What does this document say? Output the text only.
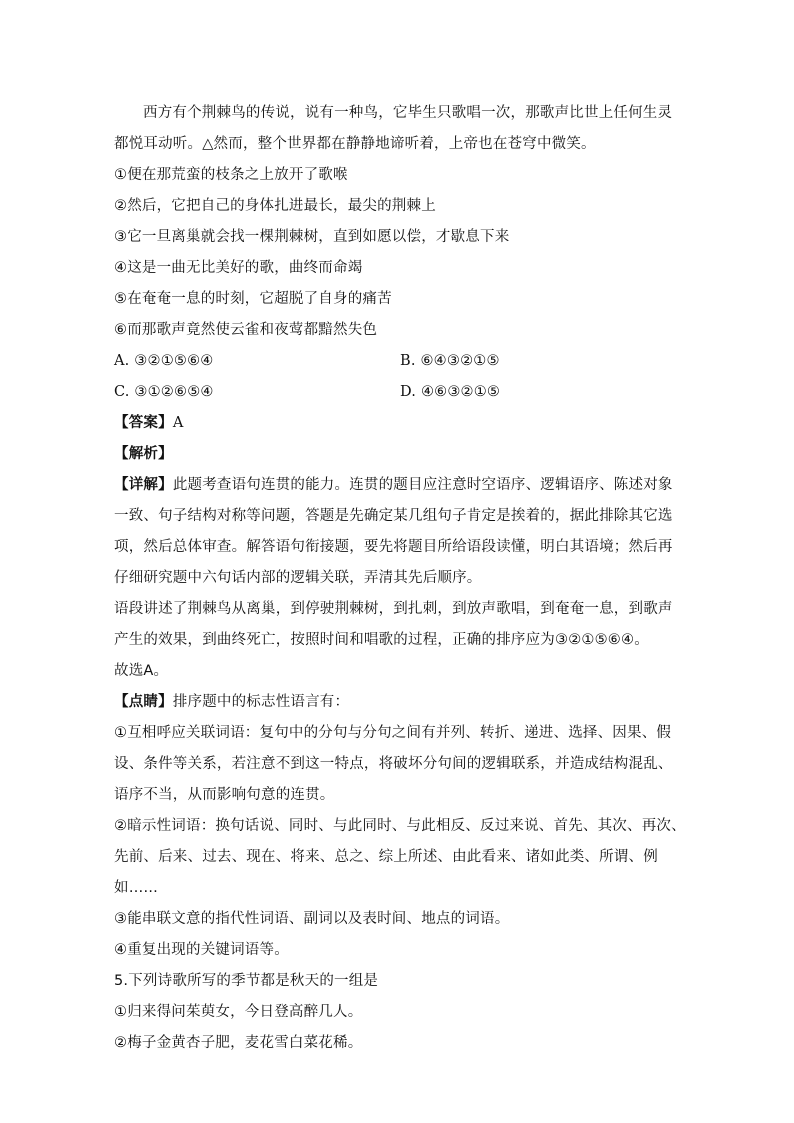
西方有个荆棘鸟的传说，说有一种鸟，它毕生只歌唱一次，那歌声比世上任何生灵都悦耳动听。△然而，整个世界都在静静地谛听着，上帝也在苍穹中微笑。
①便在那荒蛮的枝条之上放开了歌喉
②然后，它把自己的身体扎进最长，最尖的荆棘上
③它一旦离巢就会找一棵荆棘树，直到如愿以偿，才歇息下来
④这是一曲无比美好的歌，曲终而命竭
⑤在奄奄一息的时刻，它超脱了自身的痛苦
⑥而那歌声竟然使云雀和夜莺都黯然失色
A. ③②①⑤⑥④	B. ⑥④③②①⑤
C. ③①②⑥⑤④	D. ④⑥③②①⑤
【答案】A
【解析】
【详解】此题考查语句连贯的能力。连贯的题目应注意时空语序、逻辑语序、陈述对象一致、句子结构对称等问题，答题是先确定某几组句子肯定是挨着的，据此排除其它选项，然后总体审查。解答语句衔接题，要先将题目所给语段读懂，明白其语境；然后再仔细研究题中六句话内部的逻辑关联，弄清其先后顺序。
语段讲述了荆棘鸟从离巢，到停驶荆棘树，到扎刺，到放声歌唱，到奄奄一息，到歌声产生的效果，到曲终死亡，按照时间和唱歌的过程，正确的排序应为③②①⑤⑥④。
故选A。
【点睛】排序题中的标志性语言有：
①互相呼应关联词语：复句中的分句与分句之间有并列、转折、递进、选择、因果、假设、条件等关系，若注意不到这一特点，将破坏分句间的逻辑联系，并造成结构混乱、语序不当，从而影响句意的连贯。
②暗示性词语：换句话说、同时、与此同时、与此相反、反过来说、首先、其次、再次、先前、后来、过去、现在、将来、总之、综上所述、由此看来、诸如此类、所谓、例如……
③能串联文意的指代性词语、副词以及表时间、地点的词语。
④重复出现的关键词语等。
5.下列诗歌所写的季节都是秋天的一组是
①归来得问茱萸女，今日登高醉几人。
②梅子金黄杏子肥，麦花雪白菜花稀。
